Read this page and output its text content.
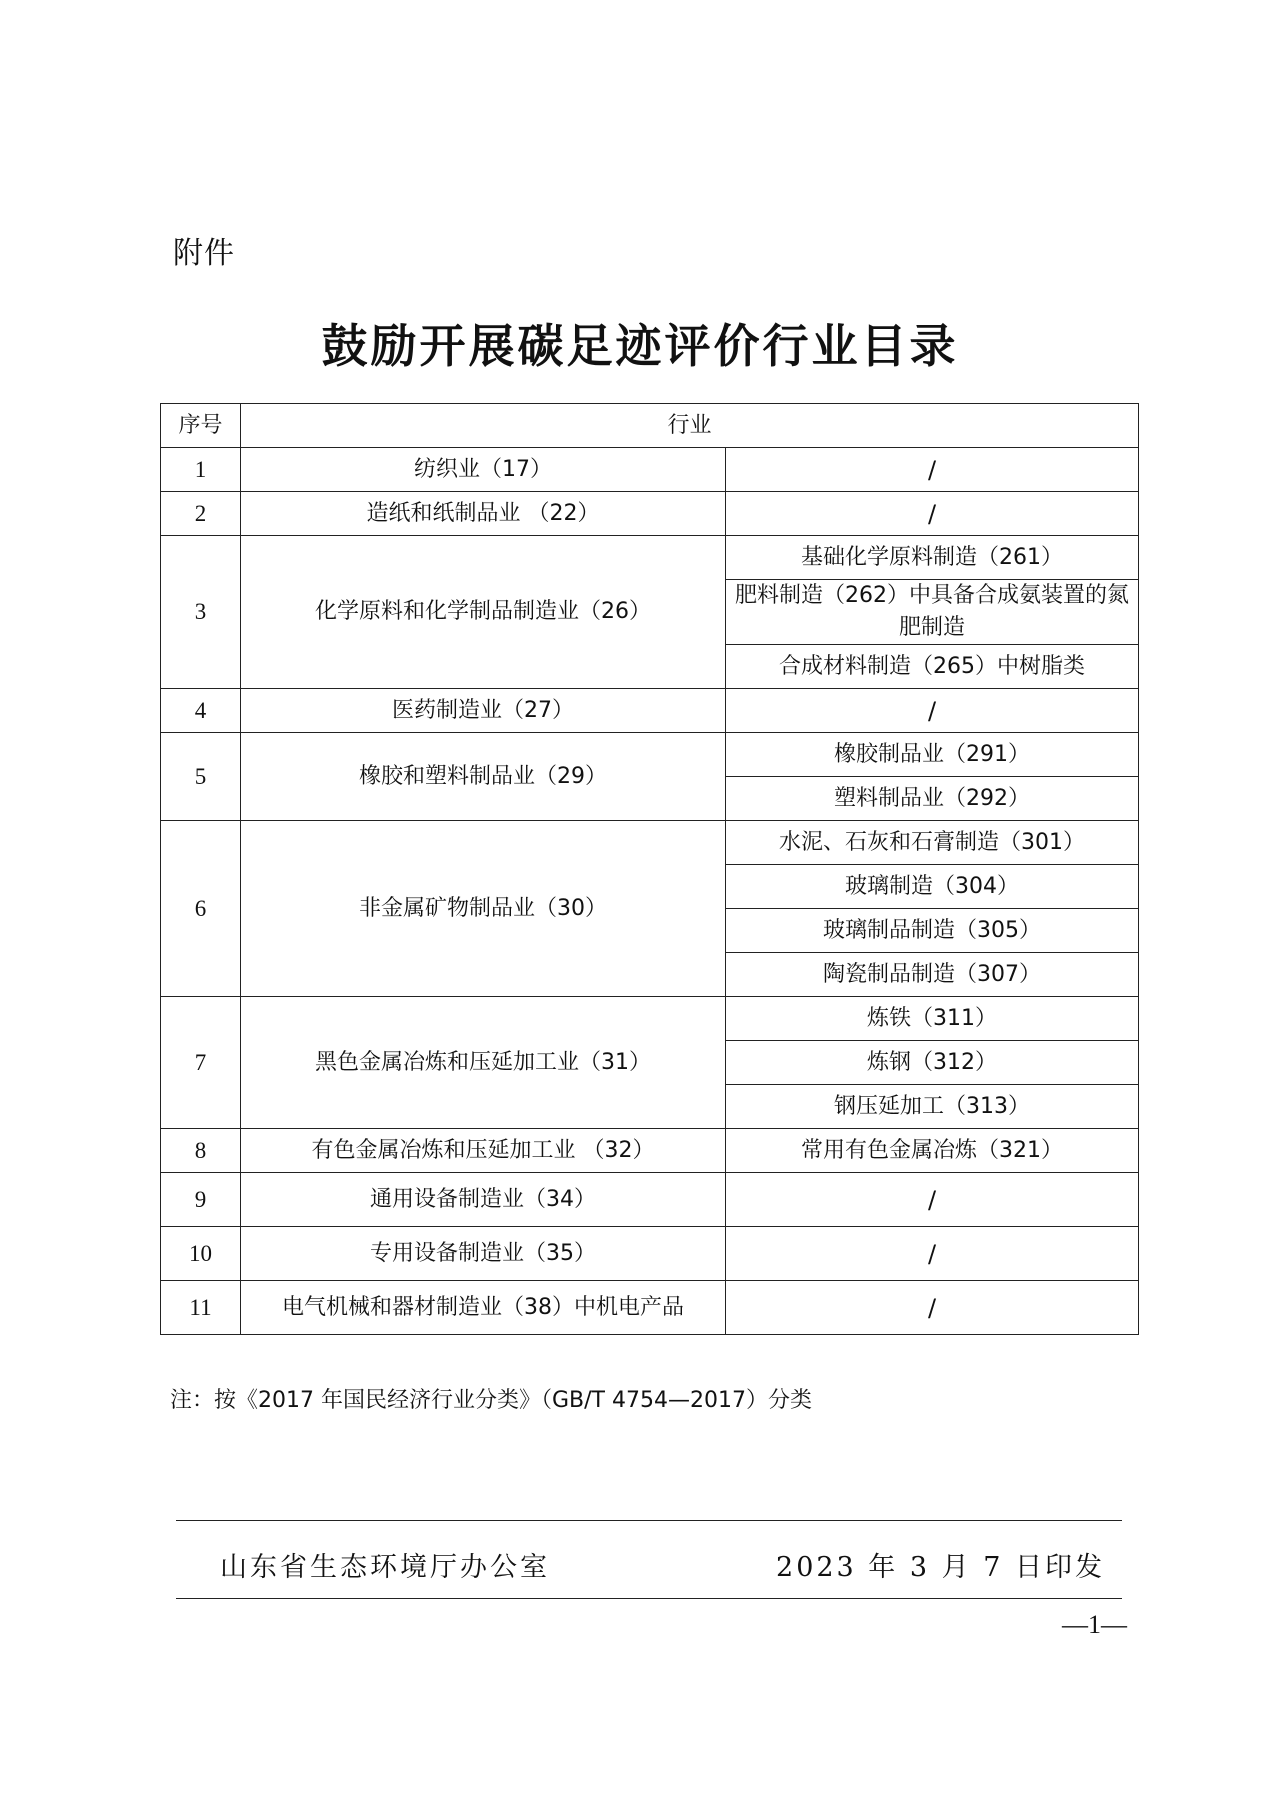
附件
鼓励开展碳足迹评价行业目录
序号	行业	
1	纺织业（17）	/
2	造纸和纸制品业 （22）	/
3	化学原料和化学制品制造业（26）	基础化学原料制造（261）
		肥料制造（262）中具备合成氨装置的氮肥制造
		合成材料制造（265）中树脂类
4	医药制造业（27）	/
5	橡胶和塑料制品业（29）	橡胶制品业（291）
		塑料制品业（292）
6	非金属矿物制品业（30）	水泥、石灰和石膏制造（301）
		玻璃制造（304）
		玻璃制品制造（305）
		陶瓷制品制造（307）
7	黑色金属冶炼和压延加工业（31）	炼铁（311）
		炼钢（312）
		钢压延加工（313）
8	有色金属冶炼和压延加工业 （32）	常用有色金属冶炼（321）
9	通用设备制造业（34）	/
10	专用设备制造业（35）	/
11	电气机械和器材制造业（38）中机电产品	/
注：按《2017 年国民经济行业分类》（GB/T 4754—2017）分类
山东省生态环境厅办公室	2023 年 3 月 7 日印发
—1—
